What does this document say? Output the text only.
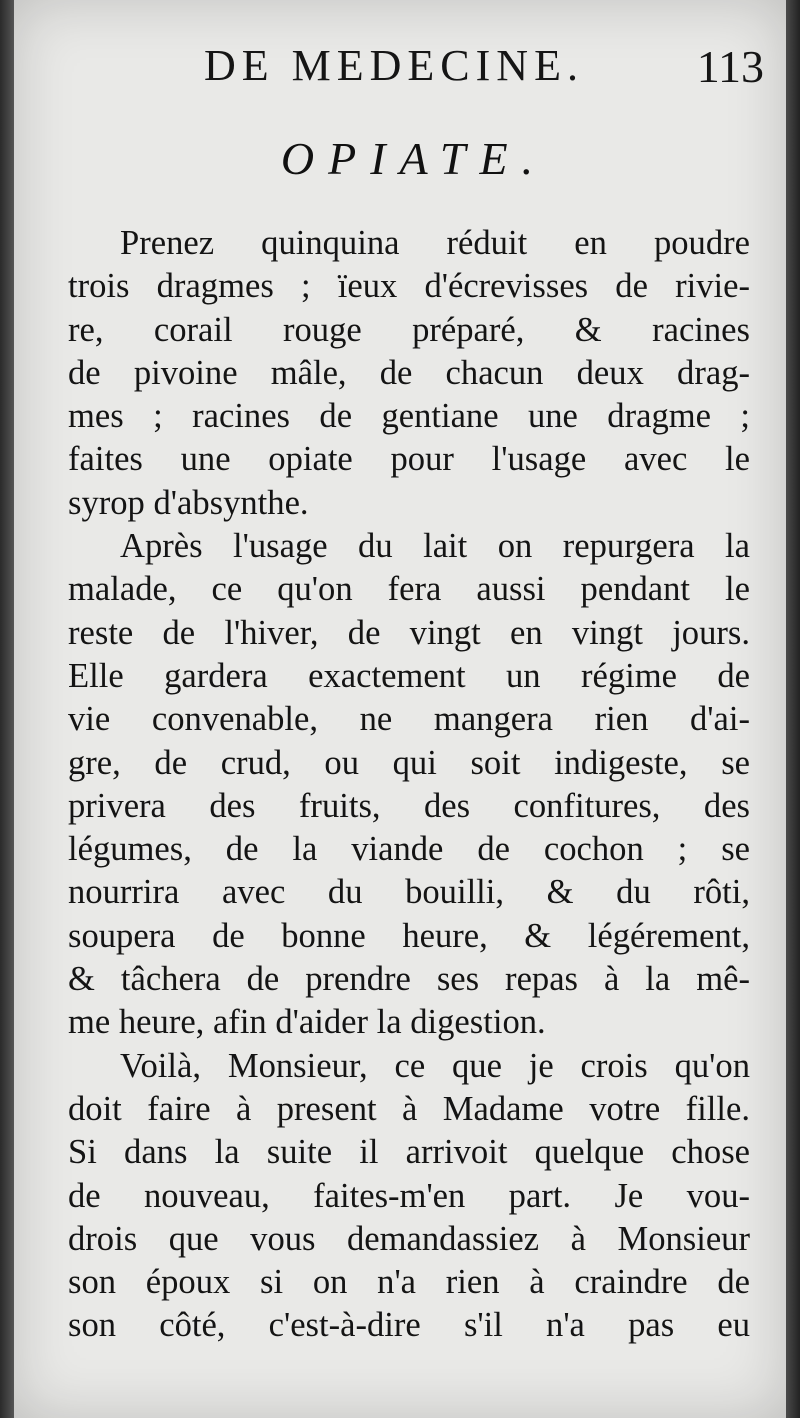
DE MEDECINE. 113
OPIATE.
Prenez quinquina réduit en poudre
trois dragmes ; ïeux d'écrevisses de rivie-
re, corail rouge préparé, & racines
de pivoine mâle, de chacun deux drag-
mes ; racines de gentiane une dragme ;
faites une opiate pour l'usage avec le
syrop d'absynthe.
Après l'usage du lait on repurgera la
malade, ce qu'on fera aussi pendant le
reste de l'hiver, de vingt en vingt jours.
Elle gardera exactement un régime de
vie convenable, ne mangera rien d'ai-
gre, de crud, ou qui soit indigeste, se
privera des fruits, des confitures, des
légumes, de la viande de cochon ; se
nourrira avec du bouilli, & du rôti,
soupera de bonne heure, & légérement,
& tâchera de prendre ses repas à la mê-
me heure, afin d'aider la digestion.
Voilà, Monsieur, ce que je crois qu'on
doit faire à present à Madame votre fille.
Si dans la suite il arrivoit quelque chose
de nouveau, faites-m'en part. Je vou-
drois que vous demandassiez à Monsieur
son époux si on n'a rien à craindre de
son côté, c'est-à-dire s'il n'a pas eu
